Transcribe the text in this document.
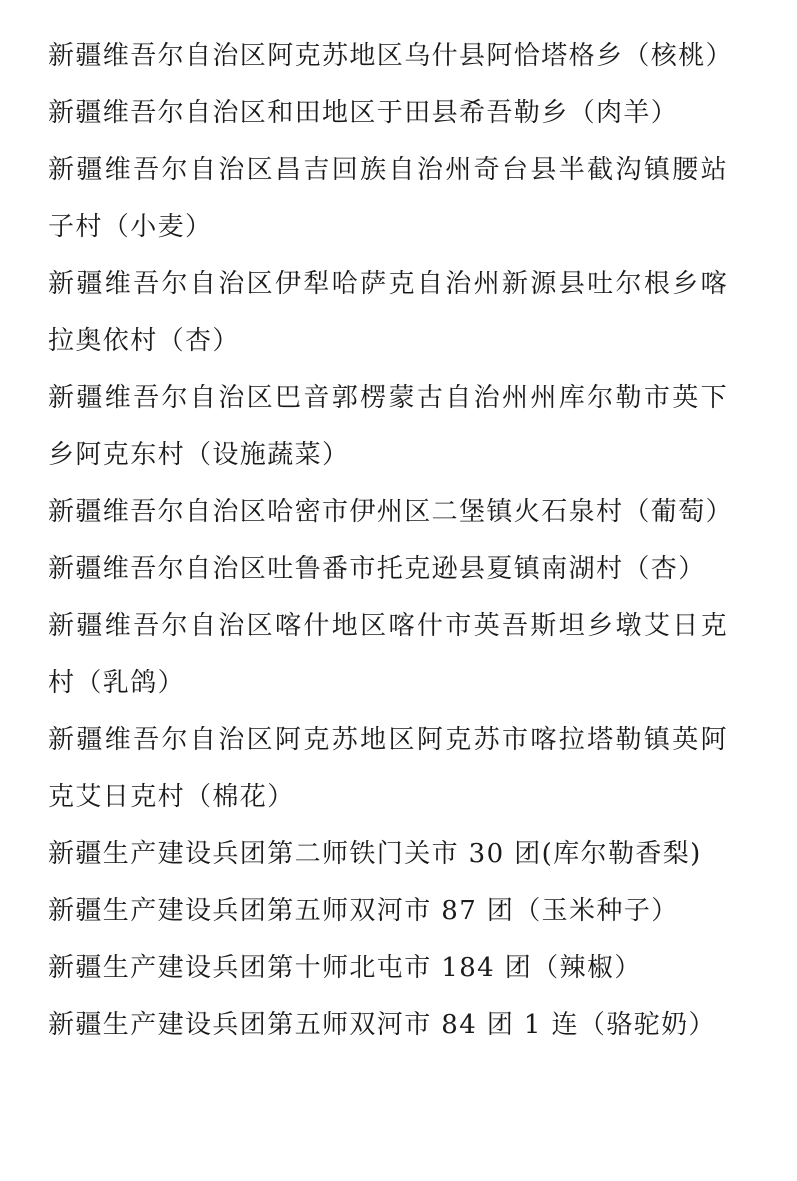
新疆维吾尔自治区阿克苏地区乌什县阿恰塔格乡（核桃）

新疆维吾尔自治区和田地区于田县希吾勒乡（肉羊）

新疆维吾尔自治区昌吉回族自治州奇台县半截沟镇腰站子村（小麦）

新疆维吾尔自治区伊犁哈萨克自治州新源县吐尔根乡喀拉奥依村（杏）

新疆维吾尔自治区巴音郭楞蒙古自治州州库尔勒市英下乡阿克东村（设施蔬菜）

新疆维吾尔自治区哈密市伊州区二堡镇火石泉村（葡萄）

新疆维吾尔自治区吐鲁番市托克逊县夏镇南湖村（杏）

新疆维吾尔自治区喀什地区喀什市英吾斯坦乡墩艾日克村（乳鸽）

新疆维吾尔自治区阿克苏地区阿克苏市喀拉塔勒镇英阿克艾日克村（棉花）

新疆生产建设兵团第二师铁门关市 30 团(库尔勒香梨)

新疆生产建设兵团第五师双河市 87 团（玉米种子）

新疆生产建设兵团第十师北屯市 184 团（辣椒）

新疆生产建设兵团第五师双河市 84 团 1 连（骆驼奶）
